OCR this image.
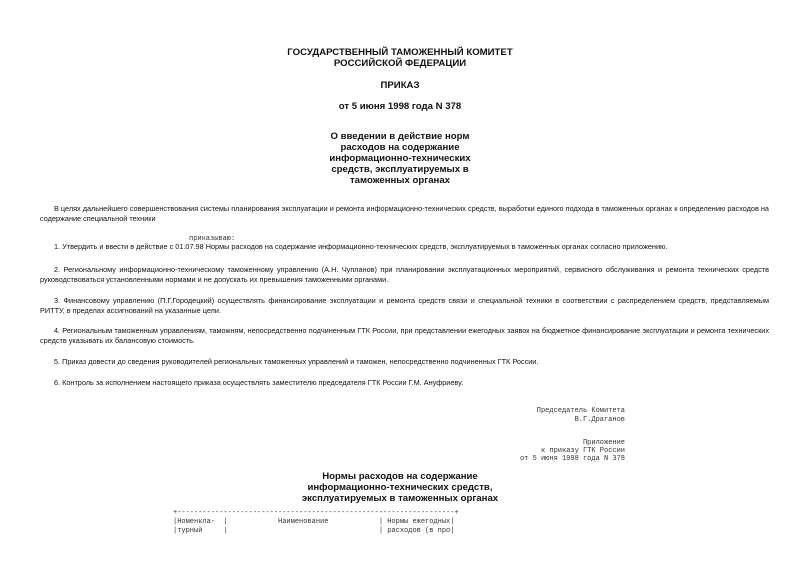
ГОСУДАРСТВЕННЫЙ ТАМОЖЕННЫЙ КОМИТЕТ
РОССИЙСКОЙ ФЕДЕРАЦИИ
ПРИКАЗ
от 5 июня 1998 года N 378
О введении в действие норм
расходов на содержание
информационно-технических
средств, эксплуатируемых в
таможенных органах
В целях дальнейшего совершенствования системы планирования эксплуатации и ремонта информационно-технических средств, выработки единого подхода в таможенных органах к определению расходов на содержание специальной техники
приказываю:
1. Утвердить и ввести в действие с 01.07.98 Нормы расходов на содержание информационно-технических средств, эксплуатируемых в таможенных органах согласно приложению.
2. Региональному информационно-техническому таможенному управлению (А.Н. Чупланов) при планировании эксплуатационных мероприятий, сервисного обслуживания и ремонта технических средств руководствоваться установленными нормами и не допускать их превышения таможенными органами.
3. Финансовому управлению (П.Г.Городецкий) осуществлять финансирование эксплуатации и ремонта средств связи и специальной техники в соответствии с распределением средств, представляемым РИТТУ, в пределах ассигнований на указанные цели.
4. Региональным таможенным управлениям, таможням, непосредственно подчиненным ГТК России, при представлении ежегодных заявок на бюджетное финансирование эксплуатации и ремонта технических средств указывать их балансовую стоимость.
5. Приказ довести до сведения руководителей региональных таможенных управлений и таможен, непосредственно подчиненных ГТК России.
6. Контроль за исполнением настоящего приказа осуществлять заместителю председателя ГТК России Г.М. Ануфриеву.
Председатель Комитета
В.Г.Драганов
Приложение
к приказу ГТК России
от 5 июня 1998 года N 378
Нормы расходов на содержание
информационно-технических средств,
эксплуатируемых в таможенных органах
+------------------------------------------------------------------+
|Номенкла-  |            Наименование            | Нормы ежегодных|
|турный     |                                    | расходов (в про|
